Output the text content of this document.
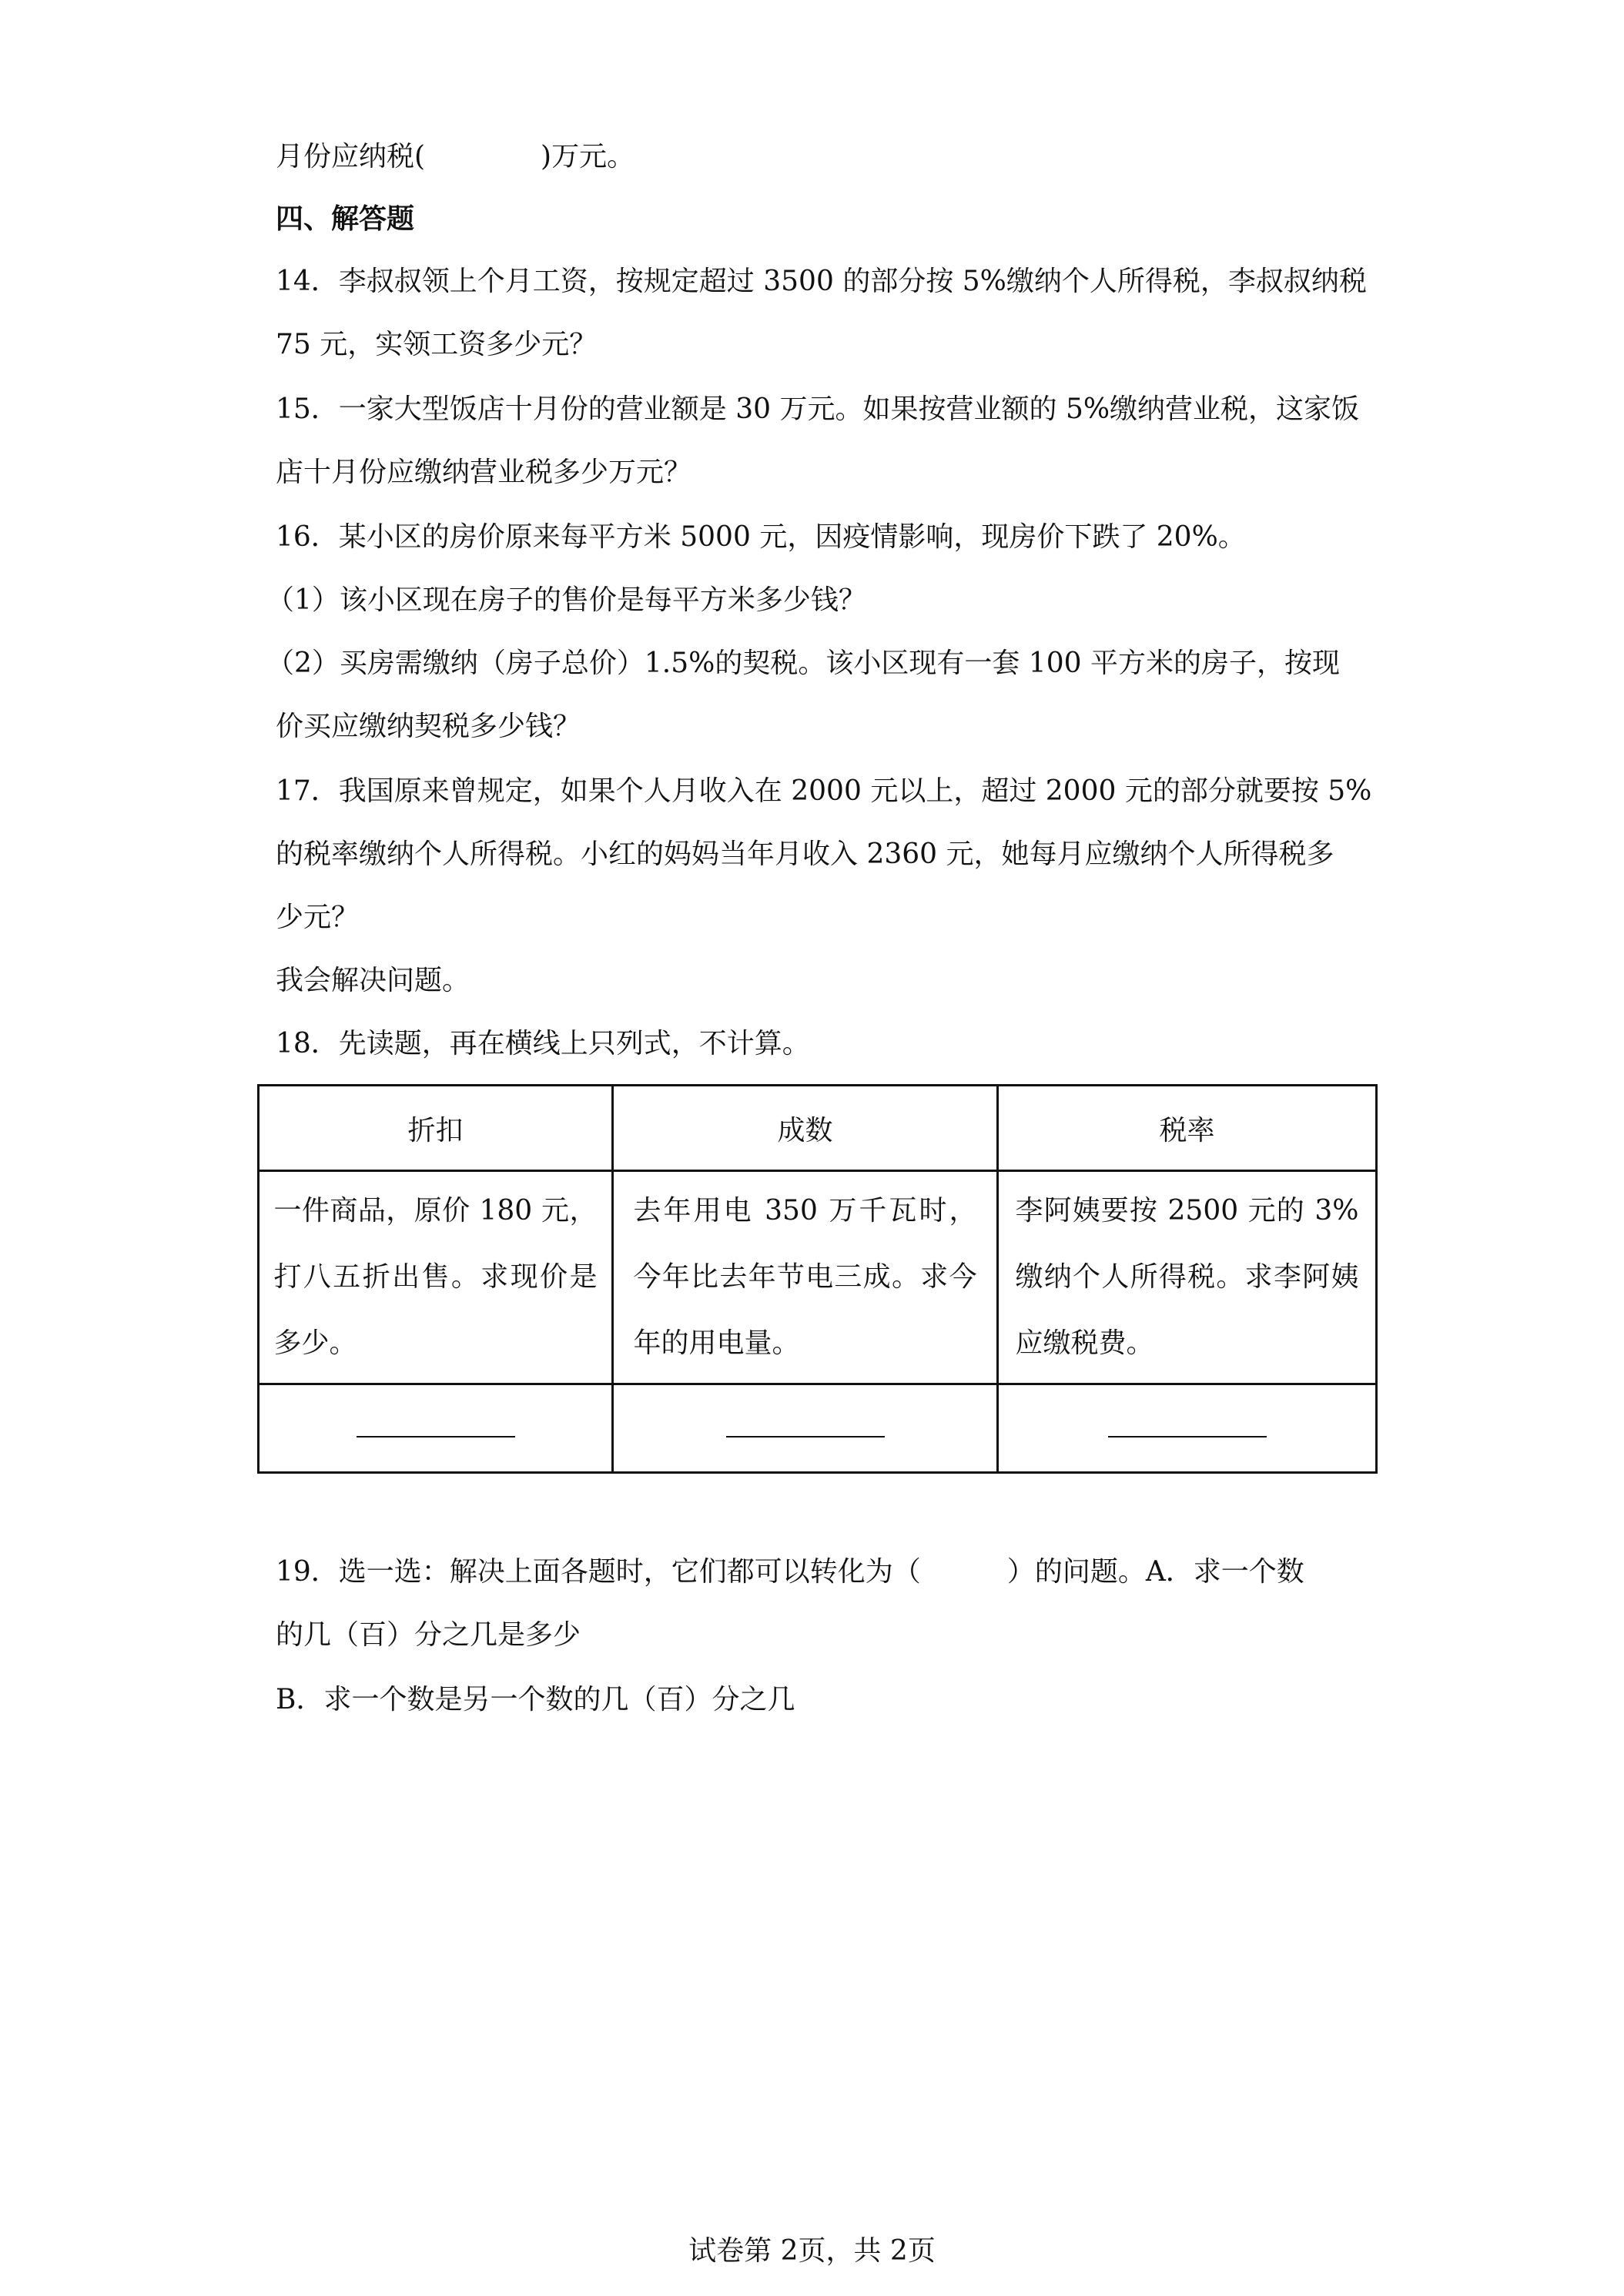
月份应纳税(	)万元。
四、解答题
14．李叔叔领上个月工资，按规定超过 3500 的部分按 5%缴纳个人所得税，李叔叔纳税
75 元，实领工资多少元？
15．一家大型饭店十月份的营业额是 30 万元。如果按营业额的 5%缴纳营业税，这家饭
店十月份应缴纳营业税多少万元？
16．某小区的房价原来每平方米 5000 元，因疫情影响，现房价下跌了 20%。
（1）该小区现在房子的售价是每平方米多少钱？
（2）买房需缴纳（房子总价）1.5%的契税。该小区现有一套 100 平方米的房子，按现
价买应缴纳契税多少钱？
17．我国原来曾规定，如果个人月收入在 2000 元以上，超过 2000 元的部分就要按 5%
的税率缴纳个人所得税。小红的妈妈当年月收入 2360 元，她每月应缴纳个人所得税多
少元？
我会解决问题。
18．先读题，再在横线上只列式，不计算。
折扣	成数	税率
一件商品，原价 180 元，打八五折出售。求现价是多少。	去年用电 350 万千瓦时，今年比去年节电三成。求今年的用电量。	李阿姨要按 2500 元的 3%缴纳个人所得税。求李阿姨应缴税费。

19．选一选：解决上面各题时，它们都可以转化为（	）的问题。A．求一个数
的几（百）分之几是多少
B．求一个数是另一个数的几（百）分之几
试卷第 2页，共 2页
